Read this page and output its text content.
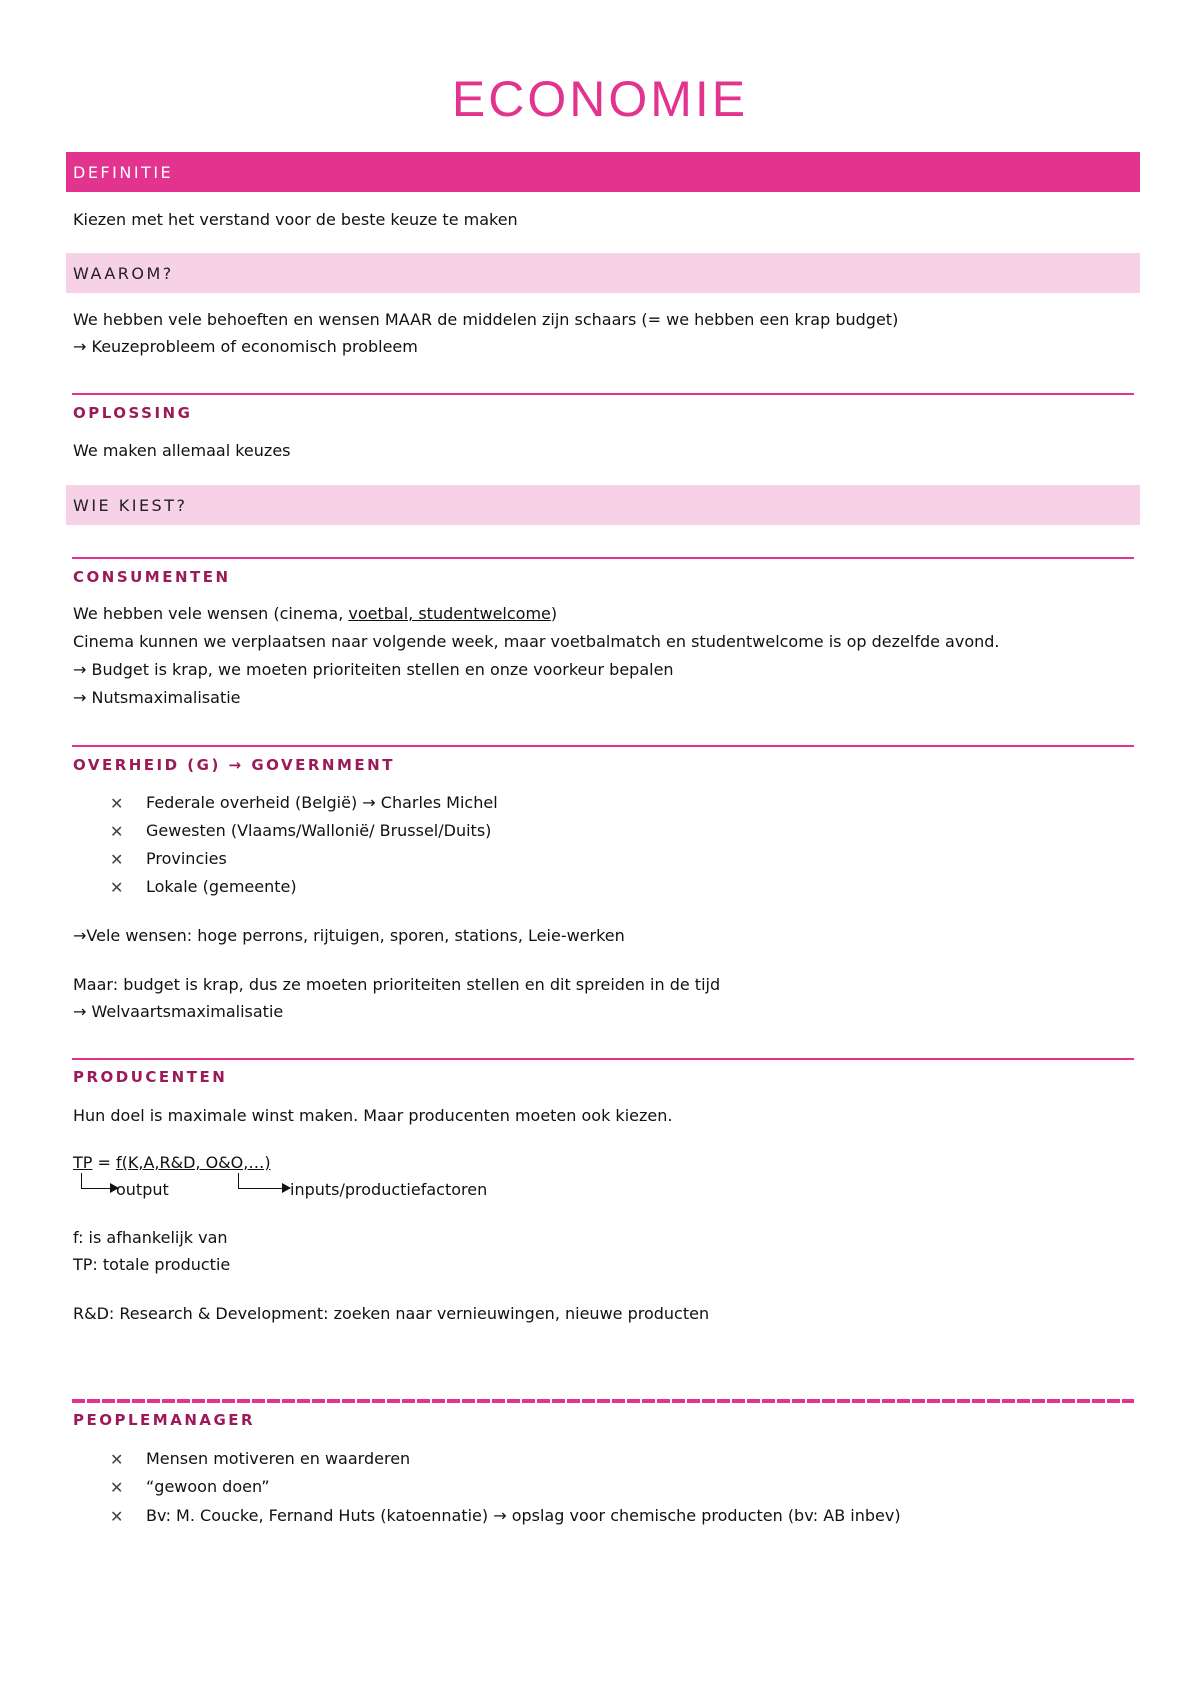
ECONOMIE
DEFINITIE
Kiezen met het verstand voor de beste keuze te maken
WAAROM?
We hebben vele behoeften en wensen MAAR de middelen zijn schaars (= we hebben een krap budget)
→ Keuzeprobleem of economisch probleem
OPLOSSING
We maken allemaal keuzes
WIE KIEST?
CONSUMENTEN
We hebben vele wensen (cinema, voetbal, studentwelcome)
Cinema kunnen we verplaatsen naar volgende week, maar voetbalmatch en studentwelcome is op dezelfde avond.
→ Budget is krap, we moeten prioriteiten stellen en onze voorkeur bepalen
→ Nutsmaximalisatie
OVERHEID (G) → GOVERNMENT
✕ Federale overheid (België) → Charles Michel
✕ Gewesten (Vlaams/Wallonië/ Brussel/Duits)
✕ Provincies
✕ Lokale (gemeente)
→Vele wensen: hoge perrons, rijtuigen, sporen, stations, Leie-werken
Maar: budget is krap, dus ze moeten prioriteiten stellen en dit spreiden in de tijd
→ Welvaartsmaximalisatie
PRODUCENTEN
Hun doel is maximale winst maken. Maar producenten moeten ook kiezen.
TP = f(K,A,R&D, O&O,…)
output	inputs/productiefactoren
f: is afhankelijk van
TP: totale productie
R&D: Research & Development: zoeken naar vernieuwingen, nieuwe producten
PEOPLEMANAGER
✕ Mensen motiveren en waarderen
✕ “gewoon doen”
✕ Bv: M. Coucke, Fernand Huts (katoennatie) → opslag voor chemische producten (bv: AB inbev)
